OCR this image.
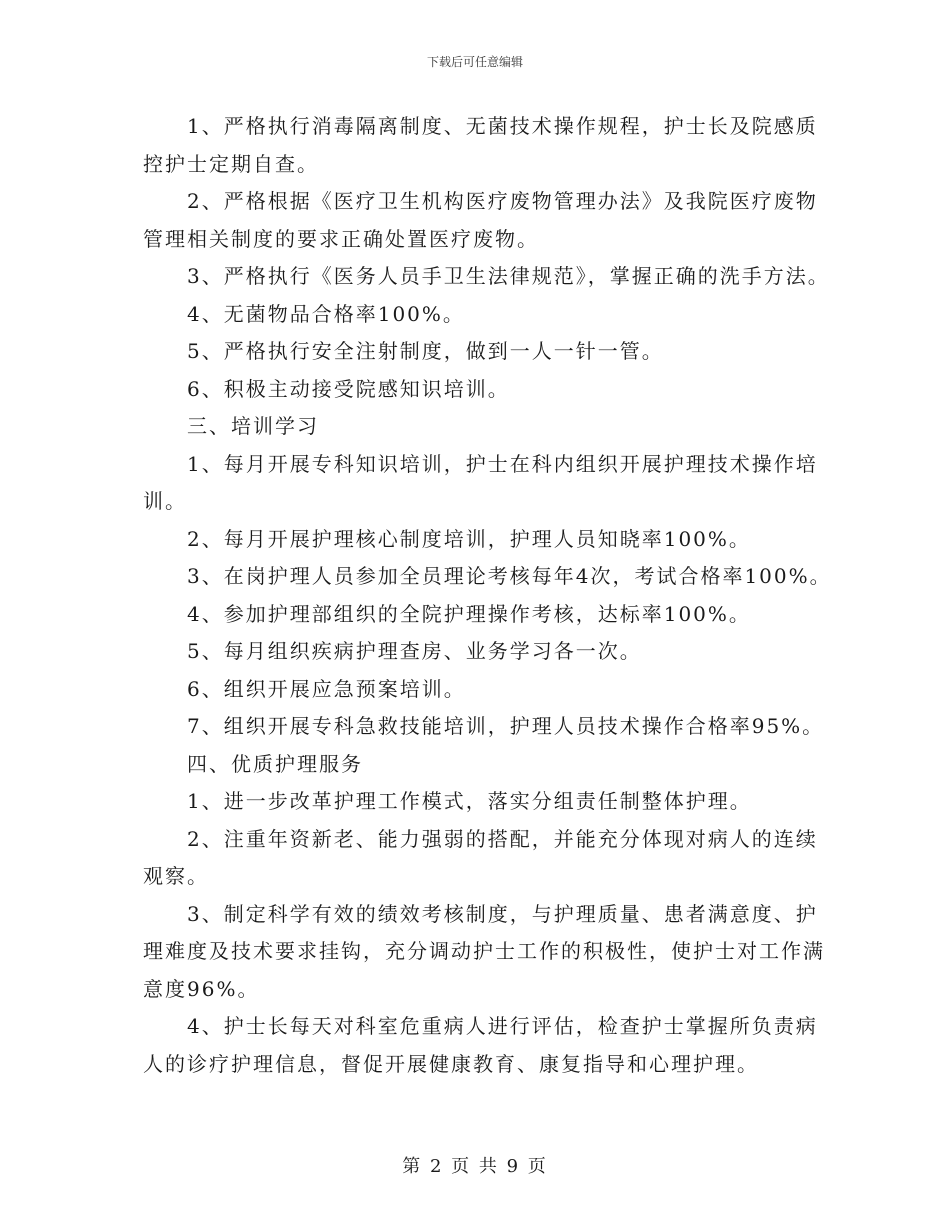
下载后可任意编辑

1、严格执行消毒隔离制度、无菌技术操作规程，护士长及院感质控护士定期自查。

2、严格根据《医疗卫生机构医疗废物管理办法》及我院医疗废物管理相关制度的要求正确处置医疗废物。

3、严格执行《医务人员手卫生法律规范》，掌握正确的洗手方法。

4、无菌物品合格率100%。

5、严格执行安全注射制度，做到一人一针一管。

6、积极主动接受院感知识培训。

三、培训学习

1、每月开展专科知识培训，护士在科内组织开展护理技术操作培训。

2、每月开展护理核心制度培训，护理人员知晓率100%。

3、在岗护理人员参加全员理论考核每年4次，考试合格率100%。

4、参加护理部组织的全院护理操作考核，达标率100%。

5、每月组织疾病护理查房、业务学习各一次。

6、组织开展应急预案培训。

7、组织开展专科急救技能培训，护理人员技术操作合格率95%。

四、优质护理服务

1、进一步改革护理工作模式，落实分组责任制整体护理。

2、注重年资新老、能力强弱的搭配，并能充分体现对病人的连续观察。

3、制定科学有效的绩效考核制度，与护理质量、患者满意度、护理难度及技术要求挂钩，充分调动护士工作的积极性，使护士对工作满意度96%。

4、护士长每天对科室危重病人进行评估，检查护士掌握所负责病人的诊疗护理信息，督促开展健康教育、康复指导和心理护理。

第 2 页 共 9 页
